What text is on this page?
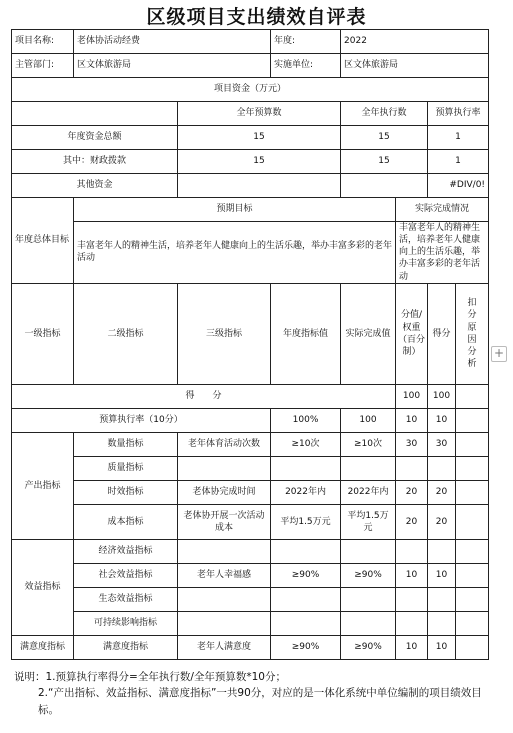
区级项目支出绩效自评表
项目名称:	老体协活动经费		年度:	2022			
主管部门:	区文体旅游局		实施单位:	区文体旅游局			
项目资金（万元）							
		全年预算数		全年执行数		预算执行率	
年度资金总额		15		15		1	
其中：财政拨款		15		15		1	
其他资金						#DIV/0!	
年度总体目标	预期目标				实际完成情况		
	丰富老年人的精神生活，培养老年人健康向上的生活乐趣，举办丰富多彩的老年活动				丰富老年人的精神生活，培养老年人健康向上的生活乐趣，举办丰富多彩的老年活动		
一级指标	二级指标	三级指标	年度指标值	实际完成值	分值/权重（百分制）	得分	扣分原因分析
得　　分					100	100	
预算执行率（10分）			100%	100	10	10	
产出指标	数量指标	老年体育活动次数	≥10次	≥10次	30	30	
	质量指标						
	时效指标	老体协完成时间	2022年内	2022年内	20	20	
	成本指标	老体协开展一次活动成本	平均1.5万元	平均1.5万元	20	20	
效益指标	经济效益指标						
	社会效益指标	老年人幸福感	≥90%	≥90%	10	10	
	生态效益指标						
	可持续影响指标						
满意度指标	满意度指标	老年人满意度	≥90%	≥90%	10	10	
说明：1.预算执行率得分=全年执行数/全年预算数*10分；
2.“产出指标、效益指标、满意度指标”一共90分，对应的是一体化系统中单位编制的项目绩效目标。
+
